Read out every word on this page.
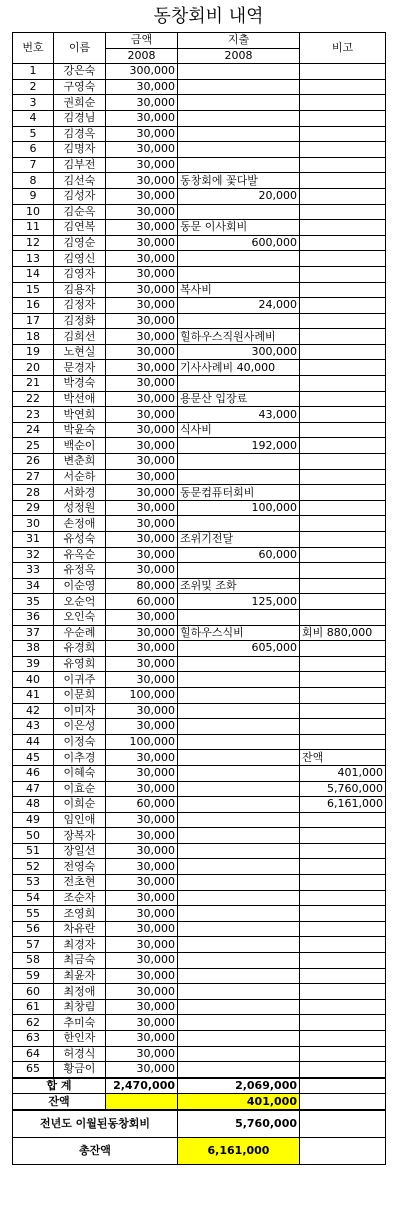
동창회비 내역
번호	이름	금액	지출	비고
		2008	2008	
1	강은숙	300,000	

2	구영숙	30,000	

3	권희순	30,000	

4	김경님	30,000	

5	김경옥	30,000	

6	김명자	30,000	

7	김부전	30,000	

8	김선숙	30,000	동창회에 꽃다발	

9	김성자	30,000	20,000	

10	김순옥	30,000	

11	김연복	30,000	동문 이사회비	

12	김영순	30,000	600,000	

13	김영신	30,000	

14	김영자	30,000	

15	김용자	30,000	복사비	

16	김정자	30,000	24,000	

17	김정화	30,000	

18	김희선	30,000	힐하우스직원사례비	

19	노현실	30,000	300,000	

20	문경자	30,000	기사사례비 40,000	

21	박경숙	30,000	

22	박선애	30,000	용문산 입장료	

23	박연희	30,000	43,000	

24	박윤숙	30,000	식사비	

25	백순이	30,000	192,000	

26	변춘희	30,000	

27	서순하	30,000	

28	서화경	30,000	동문컴퓨터회비	

29	성정원	30,000	100,000	

30	손정애	30,000	

31	유성숙	30,000	조위기전달	

32	유옥순	30,000	60,000	

33	유정옥	30,000	

34	이순영	80,000	조위및 조화	

35	오순억	60,000	125,000	

36	오인숙	30,000	

37	우순례	30,000	힐하우스식비	회비 880,000

38	유경희	30,000	605,000	

39	유영희	30,000	

40	이귀주	30,000	

41	이문희	100,000	

42	이미자	30,000	

43	이은성	30,000	

44	이정숙	100,000	

45	이추경	30,000		잔액

46	이혜숙	30,000		401,000

47	이효순	30,000		5,760,000

48	이희순	60,000		6,161,000

49	임인애	30,000	

50	장복자	30,000	

51	장일선	30,000	

52	전영숙	30,000	

53	전초현	30,000	

54	조순자	30,000	

55	조영희	30,000	

56	차유란	30,000	

57	최경자	30,000	

58	최금숙	30,000	

59	최윤자	30,000	

60	최정애	30,000	

61	최창림	30,000	

62	추미숙	30,000	

63	한인자	30,000	

64	허경식	30,000	

65	황금이	30,000	

합 계		2,470,000	2,069,000	
잔액			401,000	
전년도 이월된동창회비			5,760,000	
총잔액			6,161,000	
